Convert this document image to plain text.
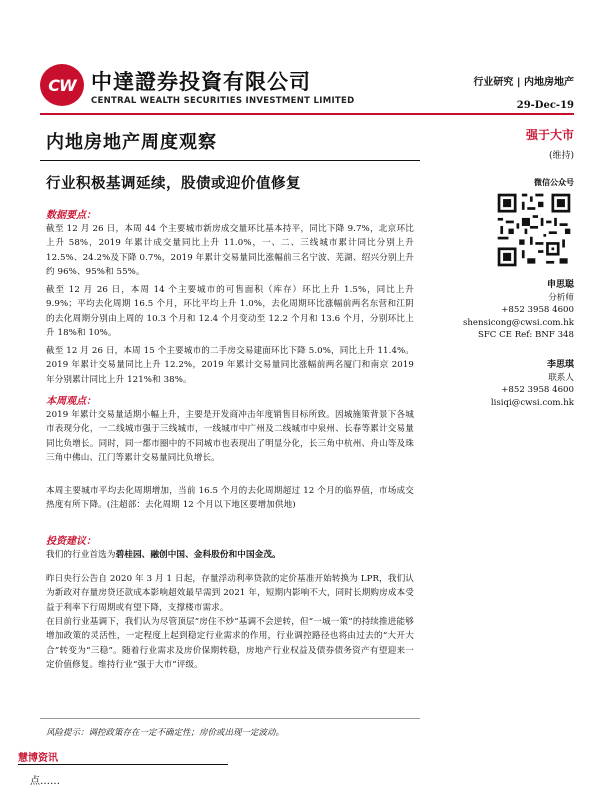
CW 中達證券投資有限公司
CENTRAL WEALTH SECURITIES INVESTMENT LIMITED
行业研究 | 内地房地产
29-Dec-19
内地房地产周度观察
行业积极基调延续，股债或迎价值修复
强于大市
(维持)
微信公众号
申思聪
分析师
+852 3958 4600
shensicong@cwsi.com.hk
SFC CE Ref: BNF 348
李思琪
联系人
+852 3958 4600
lisiqi@cwsi.com.hk
数据要点：
截至 12 月 26 日，本周 44 个主要城市新房成交量环比基本持平，同比下降 9.7%，北京环比上升 58%，2019 年累计成交量同比上升 11.0%，一、二、三线城市累计同比分别上升 12.5%、24.2%及下降 0.7%，2019 年累计交易量同比涨幅前三名宁波、芜湖、绍兴分别上升约 96%、95%和 55%。
截至 12 月 26 日，本周 14 个主要城市的可售面积（库存）环比上升 1.5%，同比上升 9.9%；平均去化周期 16.5 个月，环比平均上升 1.0%，去化周期环比涨幅前两名东营和江阴的去化周期分别由上周的 10.3 个月和 12.4 个月变动至 12.2 个月和 13.6 个月，分别环比上升 18%和 10%。
截至 12 月 26 日，本周 15 个主要城市的二手房交易建面环比下降 5.0%，同比上升 11.4%。2019 年累计交易量同比上升 12.2%，2019 年累计交易量同比涨幅前两名厦门和南京 2019 年分别累计同比上升 121%和 38%。
本周观点：
2019 年累计交易量适期小幅上升，主要是开发商冲击年度销售目标所致。因城施策背景下各城市表现分化，一二线城市强于三线城市，一线城市中广州及二线城市中泉州、长春等累计交易量同比负增长。同时，同一都市圈中的不同城市也表现出了明显分化，长三角中杭州、舟山等及珠三角中佛山、江门等累计交易量同比负增长。
本周主要城市平均去化周期增加，当前 16.5 个月的去化周期超过 12 个月的临界值，市场成交热度有所下降。(注超部：去化周期 12 个月以下地区要增加供地)
投资建议：
我们的行业首选为碧桂园、融创中国、金科股份和中国金茂。
昨日央行公告自 2020 年 3 月 1 日起，存量浮动利率贷款的定价基准开始转换为 LPR，我们认为新政对存量房贷还款成本影响超效最早需到 2021 年，短期内影响不大，同时长期购房成本受益于利率下行周期或有望下降，支撑楼市需求。
在目前行业基调下，我们认为尽管顶层“房住不炒”基调不会逆转，但“一城一策”的持续推进能够增加政策的灵活性，一定程度上起到稳定行业需求的作用，行业调控路径也将由过去的“大开大合”转变为“三稳”。随着行业需求及房价保期转稳，房地产行业权益及债券债务资产有望迎来一定价值修复。维持行业“强于大市”评级。
风险提示：调控政策存在一定不确定性；房价或出现一定波动。
慧博资讯
点……
